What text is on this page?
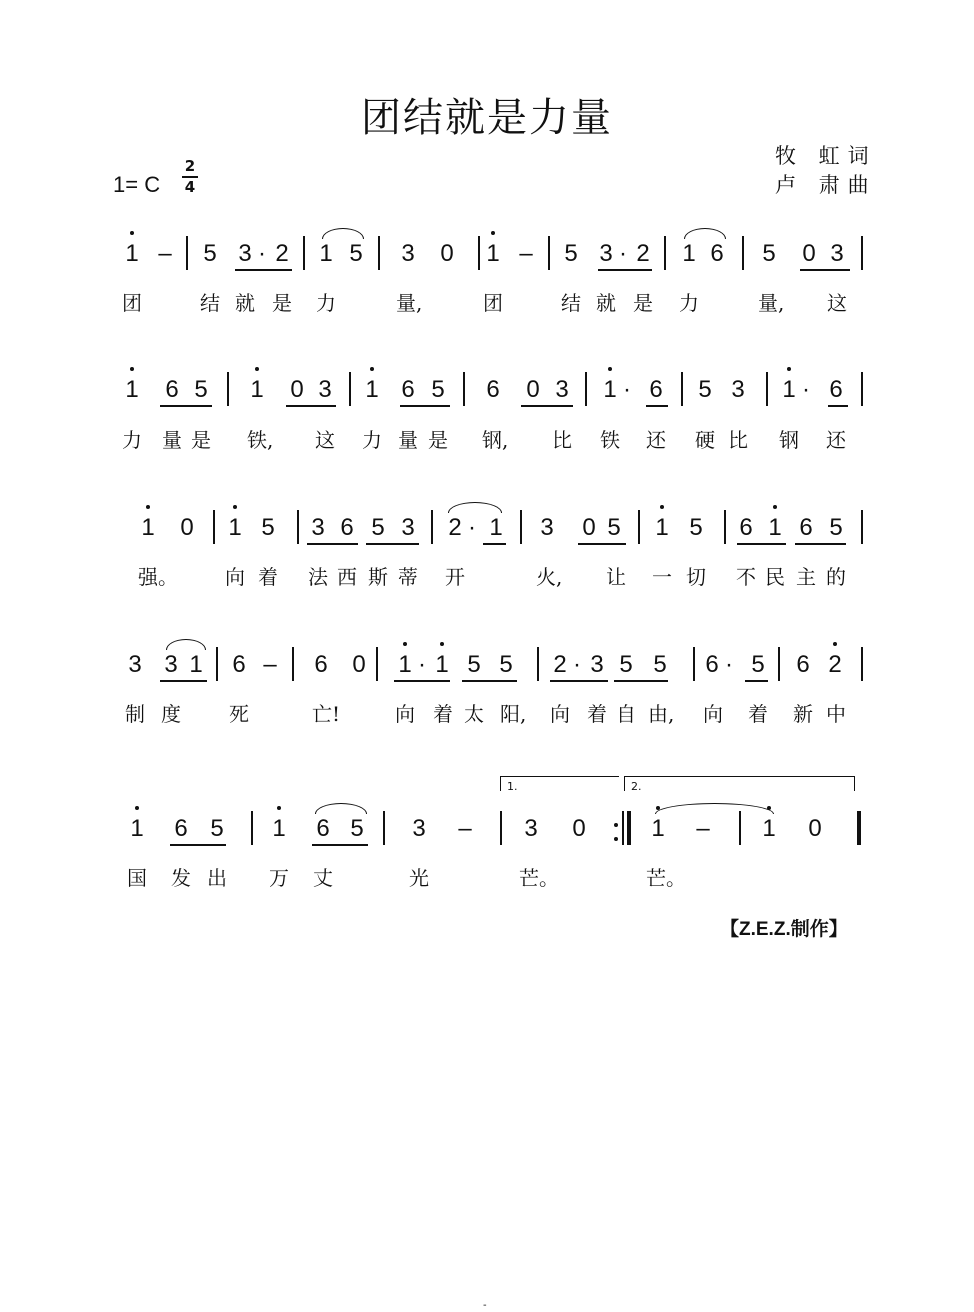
团结就是力量
牧 虹词
卢 肃曲
1= C
2
4
1 – 5 3 · 2 1 5 3 0 1 – 5 3 · 2 1 6 5 0 3
团	结 就 是 力	量,	团	结 就 是 力	量, 这
1 6 5 1 0 3 1 6 5 6 0 3 1 · 6 5 3 1 · 6
力 量 是 铁, 这 力 量 是 钢, 比 铁 还 硬 比 钢 还
1 0 1 5 3 6 5 3 2 · 1 3 0 5 1 5 6 1 6 5
强。 向 着 法 西 斯 蒂 开	火, 让 一 切 不 民 主 的
3 3 1 6 – 6 0 1 · 1 5 5 2 · 3 5 5 6 · 5 6 2
制 度 死	亡!	向 着 太 阳, 向 着 自 由, 向 着 新 中
1 6 5 1 6 5 3 – 3 0	1 – 1 0
国 发 出 万 丈	光	芒。	芒。
1.	2.
【Z.E.Z.制作】
-
